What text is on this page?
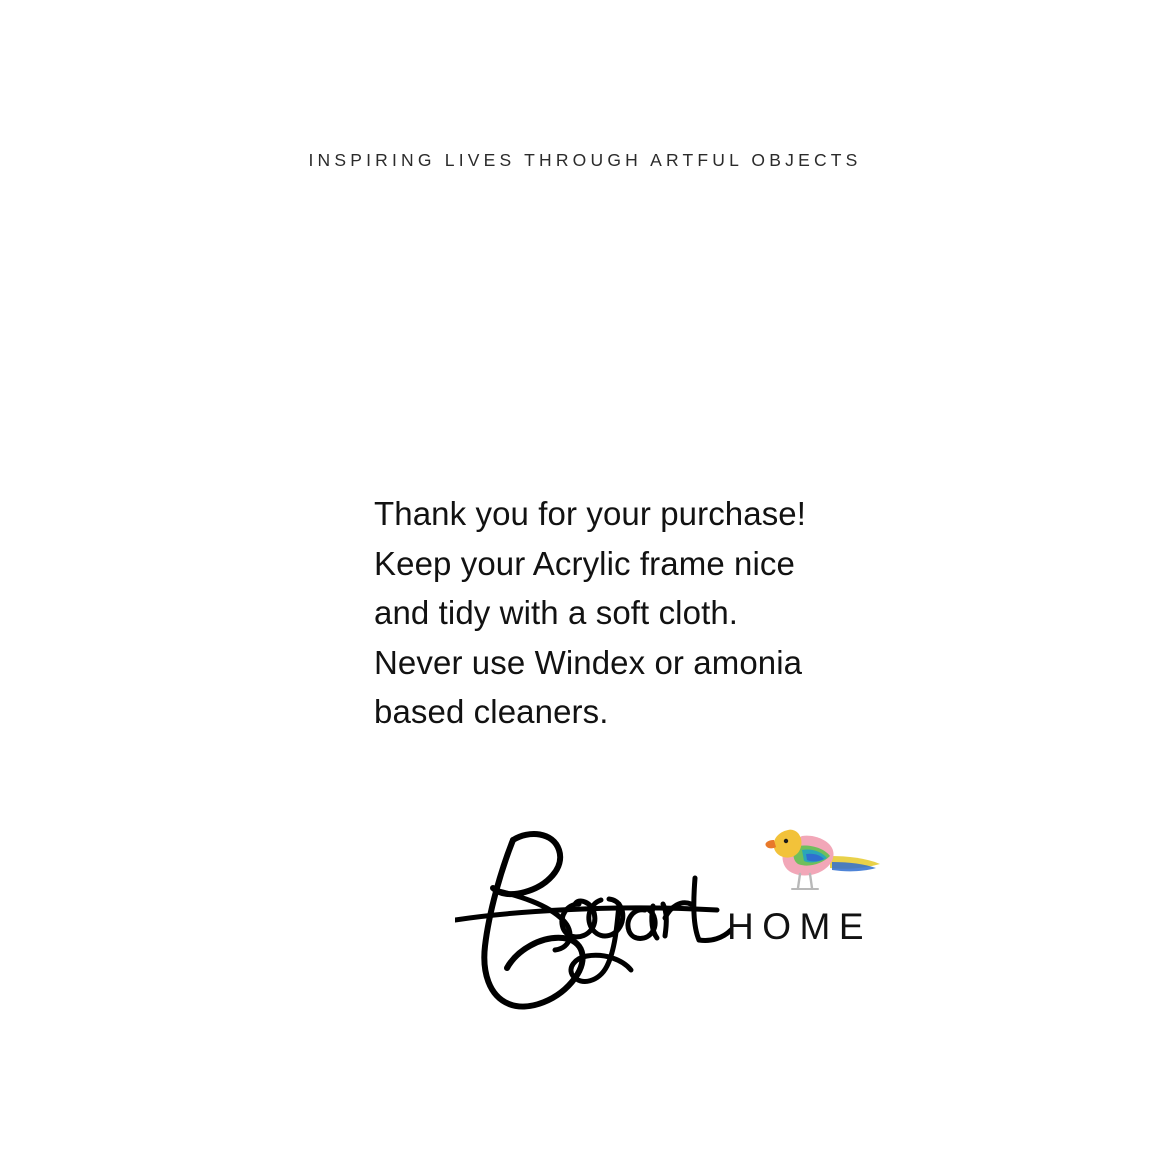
INSPIRING LIVES THROUGH ARTFUL OBJECTS
Thank you for your purchase!
Keep your Acrylic frame nice
and tidy with a soft cloth.
Never use Windex or amonia
based cleaners.
HOME
